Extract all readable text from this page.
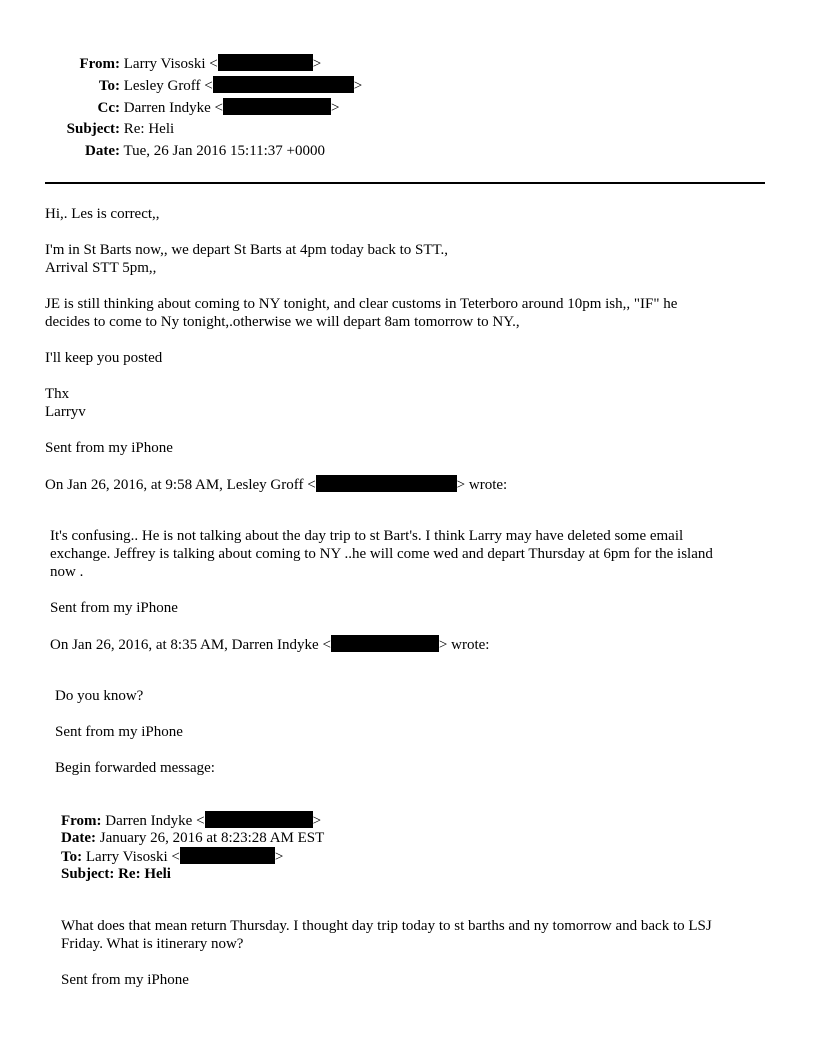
From: Larry Visoski <	>
To: Lesley Groff <	>
Cc: Darren Indyke <	>
Subject: Re: Heli
Date: Tue, 26 Jan 2016 15:11:37 +0000
Hi,. Les is correct,,
I'm in St Barts now,, we depart St Barts at 4pm today back to STT.,
Arrival STT 5pm,,
JE is still thinking about coming to NY tonight, and clear customs in Teterboro around 10pm ish,, "IF" he
decides to come to Ny tonight,.otherwise we will depart 8am tomorrow to NY.,
I'll keep you posted
Thx
Larryv
Sent from my iPhone
On Jan 26, 2016, at 9:58 AM, Lesley Groff <	> wrote:
It's confusing.. He is not talking about the day trip to st Bart's. I think Larry may have deleted some email
exchange. Jeffrey is talking about coming to NY ..he will come wed and depart Thursday at 6pm for the island
now .
Sent from my iPhone
On Jan 26, 2016, at 8:35 AM, Darren Indyke <	> wrote:
Do you know?
Sent from my iPhone
Begin forwarded message:
From: Darren Indyke <	>
Date: January 26, 2016 at 8:23:28 AM EST
To: Larry Visoski <	>
Subject: Re: Heli
What does that mean return Thursday. I thought day trip today to st barths and ny tomorrow and back to LSJ
Friday. What is itinerary now?
Sent from my iPhone
